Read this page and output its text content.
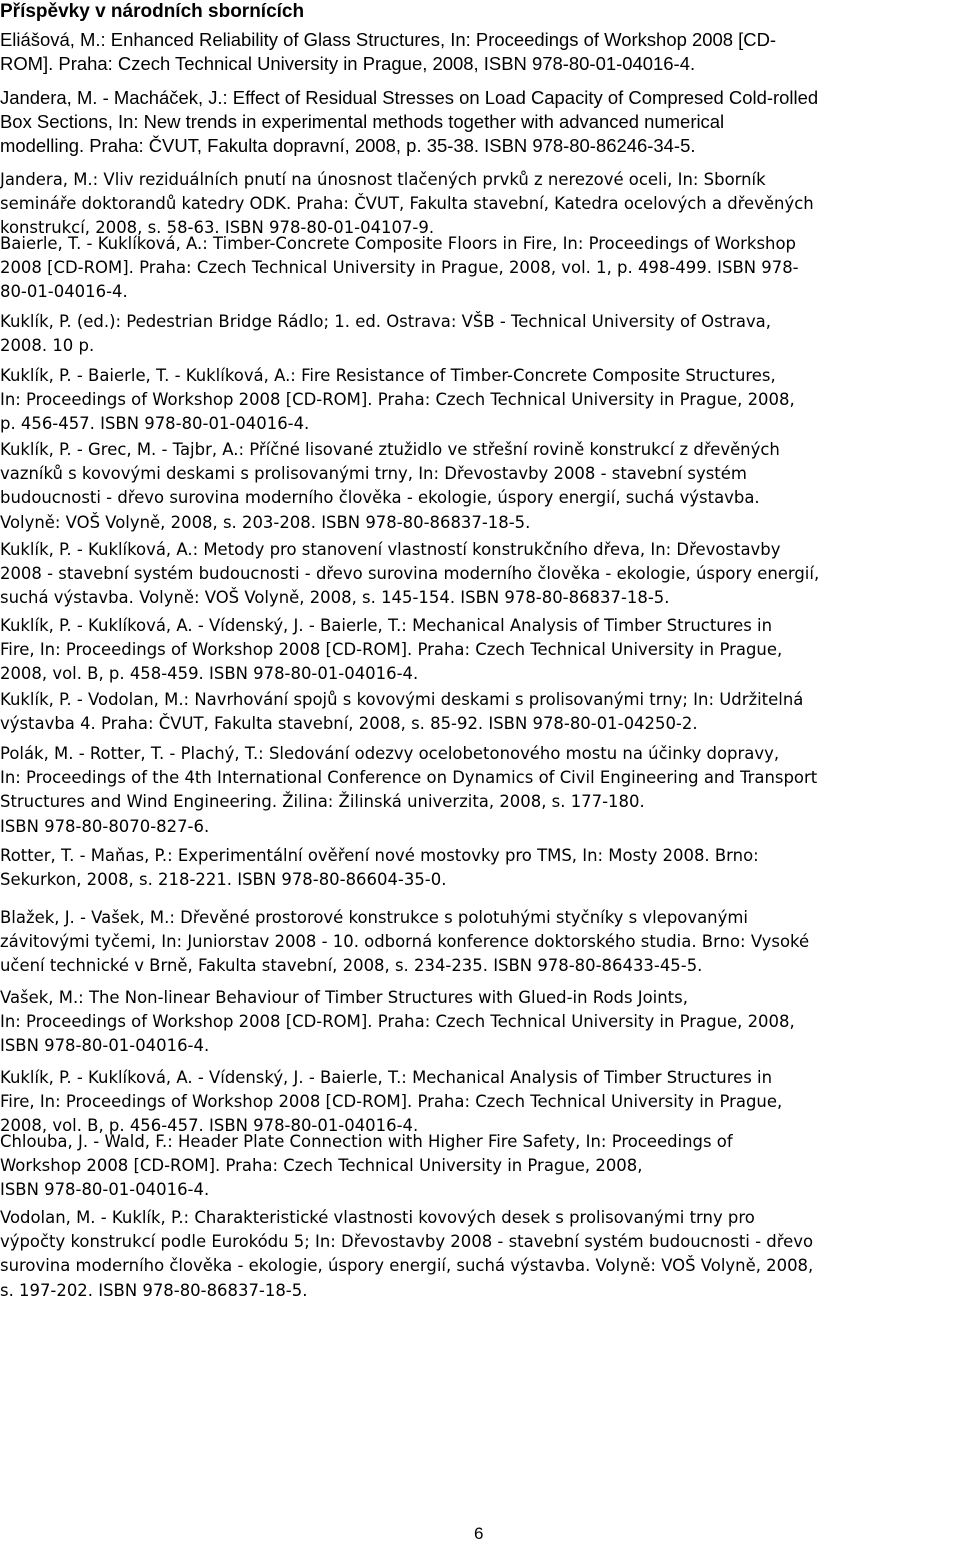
Příspěvky v národních sbornících
Eliášová, M.: Enhanced Reliability of Glass Structures, In: Proceedings of Workshop 2008 [CD-
ROM]. Praha: Czech Technical University in Prague, 2008, ISBN 978-80-01-04016-4.
Jandera, M. - Macháček, J.: Effect of Residual Stresses on Load Capacity of Compresed Cold-rolled
Box Sections, In: New trends in experimental methods together with advanced numerical
modelling. Praha: ČVUT, Fakulta dopravní, 2008, p. 35-38. ISBN 978-80-86246-34-5.
Jandera, M.: Vliv reziduálních pnutí na únosnost tlačených prvků z nerezové oceli, In: Sborník
semináře doktorandů katedry ODK. Praha: ČVUT, Fakulta stavební, Katedra ocelových a dřevěných
konstrukcí, 2008, s. 58-63. ISBN 978-80-01-04107-9.
Baierle, T. - Kuklíková, A.: Timber-Concrete Composite Floors in Fire, In: Proceedings of Workshop
2008 [CD-ROM]. Praha: Czech Technical University in Prague, 2008, vol. 1, p. 498-499. ISBN 978-
80-01-04016-4.
Kuklík, P. (ed.): Pedestrian Bridge Rádlo; 1. ed. Ostrava: VŠB - Technical University of Ostrava,
2008. 10 p.
Kuklík, P. - Baierle, T. - Kuklíková, A.: Fire Resistance of Timber-Concrete Composite Structures,
In: Proceedings of Workshop 2008 [CD-ROM]. Praha: Czech Technical University in Prague, 2008,
p. 456-457. ISBN 978-80-01-04016-4.
Kuklík, P. - Grec, M. - Tajbr, A.: Příčné lisované ztužidlo ve střešní rovině konstrukcí z dřevěných
vazníků s kovovými deskami s prolisovanými trny, In: Dřevostavby 2008 - stavební systém
budoucnosti - dřevo surovina moderního člověka - ekologie, úspory energií, suchá výstavba.
Volyně: VOŠ Volyně, 2008, s. 203-208. ISBN 978-80-86837-18-5.
Kuklík, P. - Kuklíková, A.: Metody pro stanovení vlastností konstrukčního dřeva, In: Dřevostavby
2008 - stavební systém budoucnosti - dřevo surovina moderního člověka - ekologie, úspory energií,
suchá výstavba. Volyně: VOŠ Volyně, 2008, s. 145-154. ISBN 978-80-86837-18-5.
Kuklík, P. - Kuklíková, A. - Vídenský, J. - Baierle, T.: Mechanical Analysis of Timber Structures in
Fire, In: Proceedings of Workshop 2008 [CD-ROM]. Praha: Czech Technical University in Prague,
2008, vol. B, p. 458-459. ISBN 978-80-01-04016-4.
Kuklík, P. - Vodolan, M.: Navrhování spojů s kovovými deskami s prolisovanými trny; In: Udržitelná
výstavba 4. Praha: ČVUT, Fakulta stavební, 2008, s. 85-92. ISBN 978-80-01-04250-2.
Polák, M. - Rotter, T. - Plachý, T.: Sledování odezvy ocelobetonového mostu na účinky dopravy,
In: Proceedings of the 4th International Conference on Dynamics of Civil Engineering and Transport
Structures and Wind Engineering. Žilina: Žilinská univerzita, 2008, s. 177-180.
ISBN 978-80-8070-827-6.
Rotter, T. - Maňas, P.: Experimentální ověření nové mostovky pro TMS, In: Mosty 2008. Brno:
Sekurkon, 2008, s. 218-221. ISBN 978-80-86604-35-0.
Blažek, J. - Vašek, M.: Dřevěné prostorové konstrukce s polotuhými styčníky s vlepovanými
závitovými tyčemi, In: Juniorstav 2008 - 10. odborná konference doktorského studia. Brno: Vysoké
učení technické v Brně, Fakulta stavební, 2008, s. 234-235. ISBN 978-80-86433-45-5.
Vašek, M.: The Non-linear Behaviour of Timber Structures with Glued-in Rods Joints,
In: Proceedings of Workshop 2008 [CD-ROM]. Praha: Czech Technical University in Prague, 2008,
ISBN 978-80-01-04016-4.
Kuklík, P. - Kuklíková, A. - Vídenský, J. - Baierle, T.: Mechanical Analysis of Timber Structures in
Fire, In: Proceedings of Workshop 2008 [CD-ROM]. Praha: Czech Technical University in Prague,
2008, vol. B, p. 456-457. ISBN 978-80-01-04016-4.
Chlouba, J. - Wald, F.: Header Plate Connection with Higher Fire Safety, In: Proceedings of
Workshop 2008 [CD-ROM]. Praha: Czech Technical University in Prague, 2008,
ISBN 978-80-01-04016-4.
Vodolan, M. - Kuklík, P.: Charakteristické vlastnosti kovových desek s prolisovanými trny pro
výpočty konstrukcí podle Eurokódu 5; In: Dřevostavby 2008 - stavební systém budoucnosti - dřevo
surovina moderního člověka - ekologie, úspory energií, suchá výstavba. Volyně: VOŠ Volyně, 2008,
s. 197-202. ISBN 978-80-86837-18-5.
6
